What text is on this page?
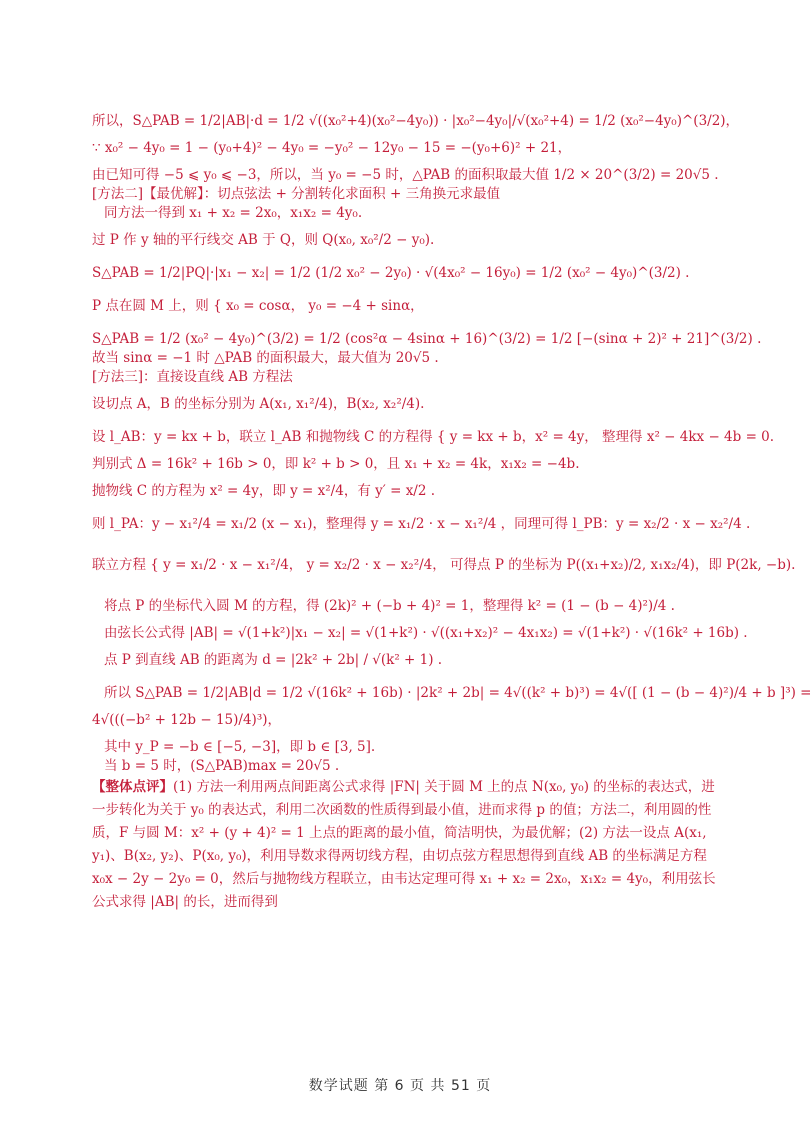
所以，S△PAB = 1/2|AB|·d = 1/2 √((x₀²+4)(x₀²−4y₀)) · |x₀²−4y₀|/√(x₀²+4) = 1/2 (x₀²−4y₀)^(3/2)，
∵ x₀² − 4y₀ = 1 − (y₀+4)² − 4y₀ = −y₀² − 12y₀ − 15 = −(y₀+6)² + 21，
由已知可得 −5 ⩽ y₀ ⩽ −3，所以，当 y₀ = −5 时，△PAB 的面积取最大值 1/2 × 20^(3/2) = 20√5 .
[方法二]【最优解】：切点弦法 + 分割转化求面积 + 三角换元求最值
同方法一得到 x₁ + x₂ = 2x₀，x₁x₂ = 4y₀.
过 P 作 y 轴的平行线交 AB 于 Q，则 Q(x₀, x₀²/2 − y₀).
S△PAB = 1/2|PQ|·|x₁ − x₂| = 1/2 (1/2 x₀² − 2y₀) · √(4x₀² − 16y₀) = 1/2 (x₀² − 4y₀)^(3/2) .
P 点在圆 M 上，则 { x₀ = cosα， y₀ = −4 + sinα，
S△PAB = 1/2 (x₀² − 4y₀)^(3/2) = 1/2 (cos²α − 4sinα + 16)^(3/2) = 1/2 [−(sinα + 2)² + 21]^(3/2) .
故当 sinα = −1 时 △PAB 的面积最大，最大值为 20√5 .
[方法三]：直接设直线 AB 方程法
设切点 A，B 的坐标分别为 A(x₁, x₁²/4)，B(x₂, x₂²/4).
设 l_AB：y = kx + b，联立 l_AB 和抛物线 C 的方程得 { y = kx + b，x² = 4y， 整理得 x² − 4kx − 4b = 0.
判别式 Δ = 16k² + 16b > 0，即 k² + b > 0，且 x₁ + x₂ = 4k，x₁x₂ = −4b.
抛物线 C 的方程为 x² = 4y，即 y = x²/4，有 y′ = x/2 .
则 l_PA：y − x₁²/4 = x₁/2 (x − x₁)，整理得 y = x₁/2 · x − x₁²/4 ，同理可得 l_PB：y = x₂/2 · x − x₂²/4 .
联立方程 { y = x₁/2 · x − x₁²/4， y = x₂/2 · x − x₂²/4， 可得点 P 的坐标为 P((x₁+x₂)/2, x₁x₂/4)，即 P(2k, −b).
将点 P 的坐标代入圆 M 的方程，得 (2k)² + (−b + 4)² = 1，整理得 k² = (1 − (b − 4)²)/4 .
由弦长公式得 |AB| = √(1+k²)|x₁ − x₂| = √(1+k²) · √((x₁+x₂)² − 4x₁x₂) = √(1+k²) · √(16k² + 16b) .
点 P 到直线 AB 的距离为 d = |2k² + 2b| / √(k² + 1) .
所以 S△PAB = 1/2|AB|d = 1/2 √(16k² + 16b) · |2k² + 2b| = 4√((k² + b)³) = 4√([ (1 − (b − 4)²)/4 + b ]³) =
4√(((−b² + 12b − 15)/4)³)，
其中 y_P = −b ∈ [−5, −3]，即 b ∈ [3, 5].
当 b = 5 时，(S△PAB)max = 20√5 .
【整体点评】(1) 方法一利用两点间距离公式求得 |FN| 关于圆 M 上的点 N(x₀, y₀) 的坐标的表达式，进一步转化为关于 y₀ 的表达式，利用二次函数的性质得到最小值，进而求得 p 的值；方法二，利用圆的性质，F 与圆 M：x² + (y + 4)² = 1 上点的距离的最小值，简洁明快，为最优解；(2) 方法一设点 A(x₁, y₁)、B(x₂, y₂)、P(x₀, y₀)，利用导数求得两切线方程，由切点弦方程思想得到直线 AB 的坐标满足方程 x₀x − 2y − 2y₀ = 0，然后与抛物线方程联立，由韦达定理可得 x₁ + x₂ = 2x₀，x₁x₂ = 4y₀，利用弦长公式求得 |AB| 的长，进而得到
数学试题 第 6 页 共 51 页
